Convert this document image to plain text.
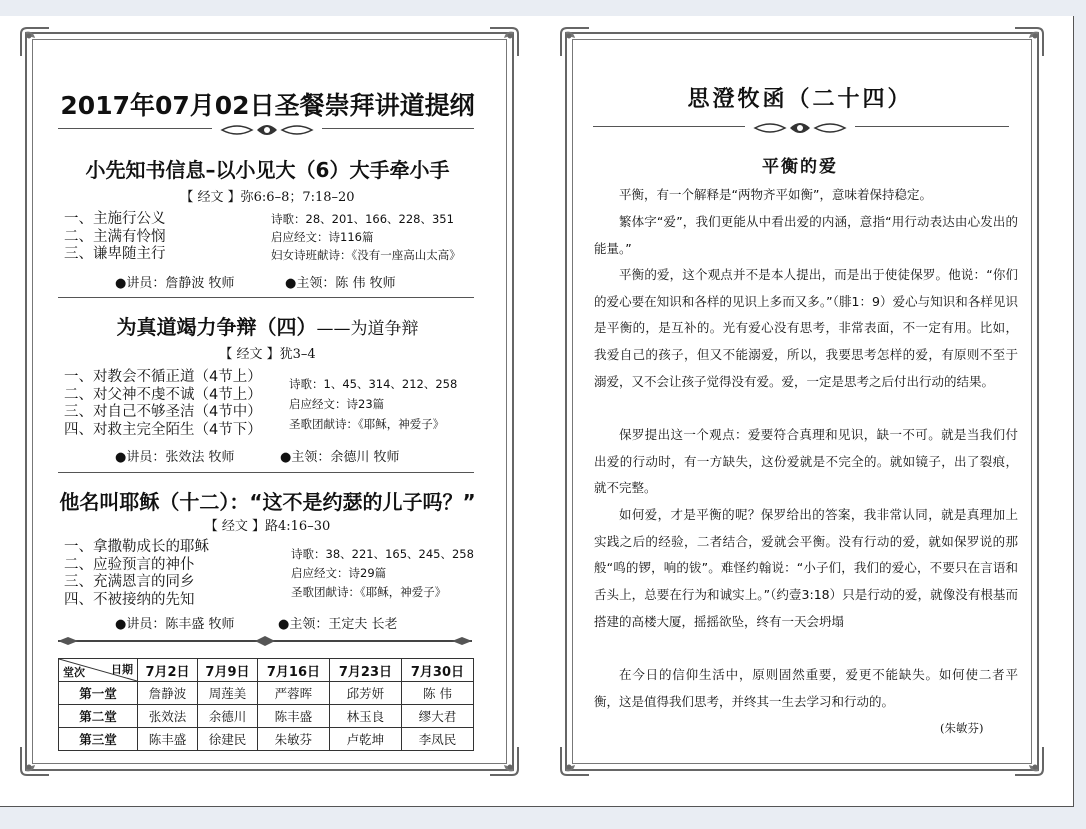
2017年07月02日圣餐崇拜讲道提纲
小先知书信息–以小见大（6）大手牵小手
【 经文 】弥6:6–8；7:18–20
一、主施行公义
二、主满有怜悯
三、谦卑随主行
诗歌：28、201、166、228、351
启应经文：诗116篇
妇女诗班献诗：《没有一座高山太高》
●讲员：詹静波 牧师	●主领：陈 伟 牧师
为真道竭力争辩（四）——为道争辩
【 经文 】犹3–4
一、对教会不循正道（4节上）
二、对父神不虔不诚（4节上）
三、对自己不够圣洁（4节中）
四、对救主完全陌生（4节下）
诗歌：1、45、314、212、258
启应经文：诗23篇
圣歌团献诗：《耶稣，神爱子》
●讲员：张效法 牧师	●主领：余德川 牧师
他名叫耶稣（十二）：“这不是约瑟的儿子吗？”
【 经文 】路4:16–30
一、拿撒勒成长的耶稣
二、应验预言的神仆
三、充满恩言的同乡
四、不被接纳的先知
诗歌：38、221、165、245、258
启应经文：诗29篇
圣歌团献诗：《耶稣，神爱子》
●讲员：陈丰盛 牧师	●主领：王定夫 长老
日期
堂次	7月2日	7月9日	7月16日	7月23日	7月30日
第一堂	詹静波	周莲美	严蓉晖	邱芳妍	陈 伟
第二堂	张效法	余德川	陈丰盛	林玉良	缪大君
第三堂	陈丰盛	徐建民	朱敏芬	卢乾坤	李凤民
思澄牧函（二十四）
平衡的爱
平衡，有一个解释是“两物齐平如衡”，意味着保持稳定。
繁体字“爱”，我们更能从中看出爱的内涵，意指“用行动表达由心发出的能量。”
平衡的爱，这个观点并不是本人提出，而是出于使徒保罗。他说：“你们的爱心要在知识和各样的见识上多而又多。”（腓1：9）爱心与知识和各样见识是平衡的，是互补的。光有爱心没有思考，非常表面，不一定有用。比如，我爱自己的孩子，但又不能溺爱，所以，我要思考怎样的爱，有原则不至于溺爱，又不会让孩子觉得没有爱。爱，一定是思考之后付出行动的结果。
保罗提出这一个观点：爱要符合真理和见识，缺一不可。就是当我们付出爱的行动时，有一方缺失，这份爱就是不完全的。就如镜子，出了裂痕，就不完整。
如何爱，才是平衡的呢？保罗给出的答案，我非常认同，就是真理加上实践之后的经验，二者结合，爱就会平衡。没有行动的爱，就如保罗说的那般“鸣的锣，响的钹”。难怪约翰说：“小子们，我们的爱心，不要只在言语和舌头上，总要在行为和诚实上。”（约壹3:18）只是行动的爱，就像没有根基而搭建的高楼大厦，摇摇欲坠，终有一天会坍塌
在今日的信仰生活中，原则固然重要，爱更不能缺失。如何使二者平衡，这是值得我们思考，并终其一生去学习和行动的。
(朱敏芬)
